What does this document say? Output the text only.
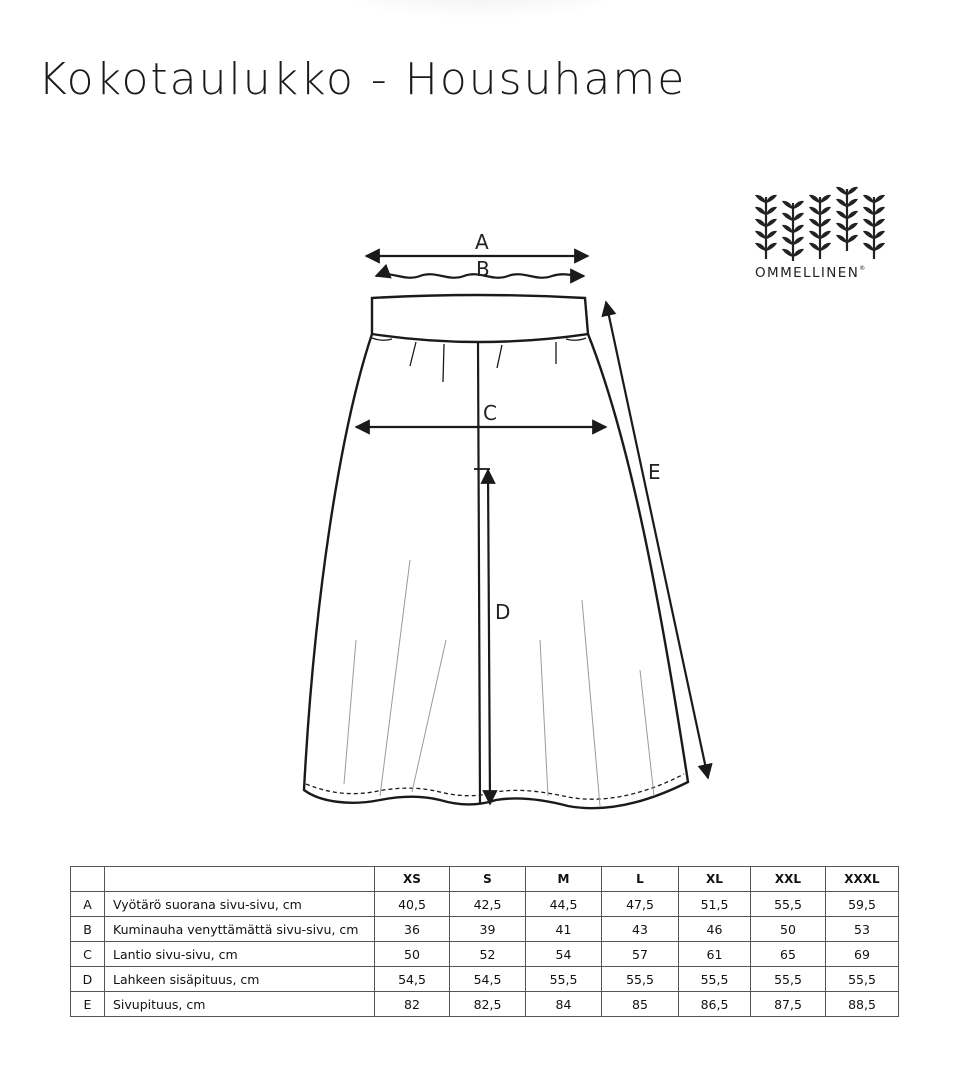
Kokotaulukko - Housuhame
OMMELLINEN®
A
B
C
D
E
		XS	S	M	L	XL	XXL	XXXL
A	Vyötärö suorana sivu-sivu, cm	40,5	42,5	44,5	47,5	51,5	55,5	59,5
B	Kuminauha venyttämättä sivu-sivu, cm	36	39	41	43	46	50	53
C	Lantio sivu-sivu, cm	50	52	54	57	61	65	69
D	Lahkeen sisäpituus, cm	54,5	54,5	55,5	55,5	55,5	55,5	55,5
E	Sivupituus, cm	82	82,5	84	85	86,5	87,5	88,5
